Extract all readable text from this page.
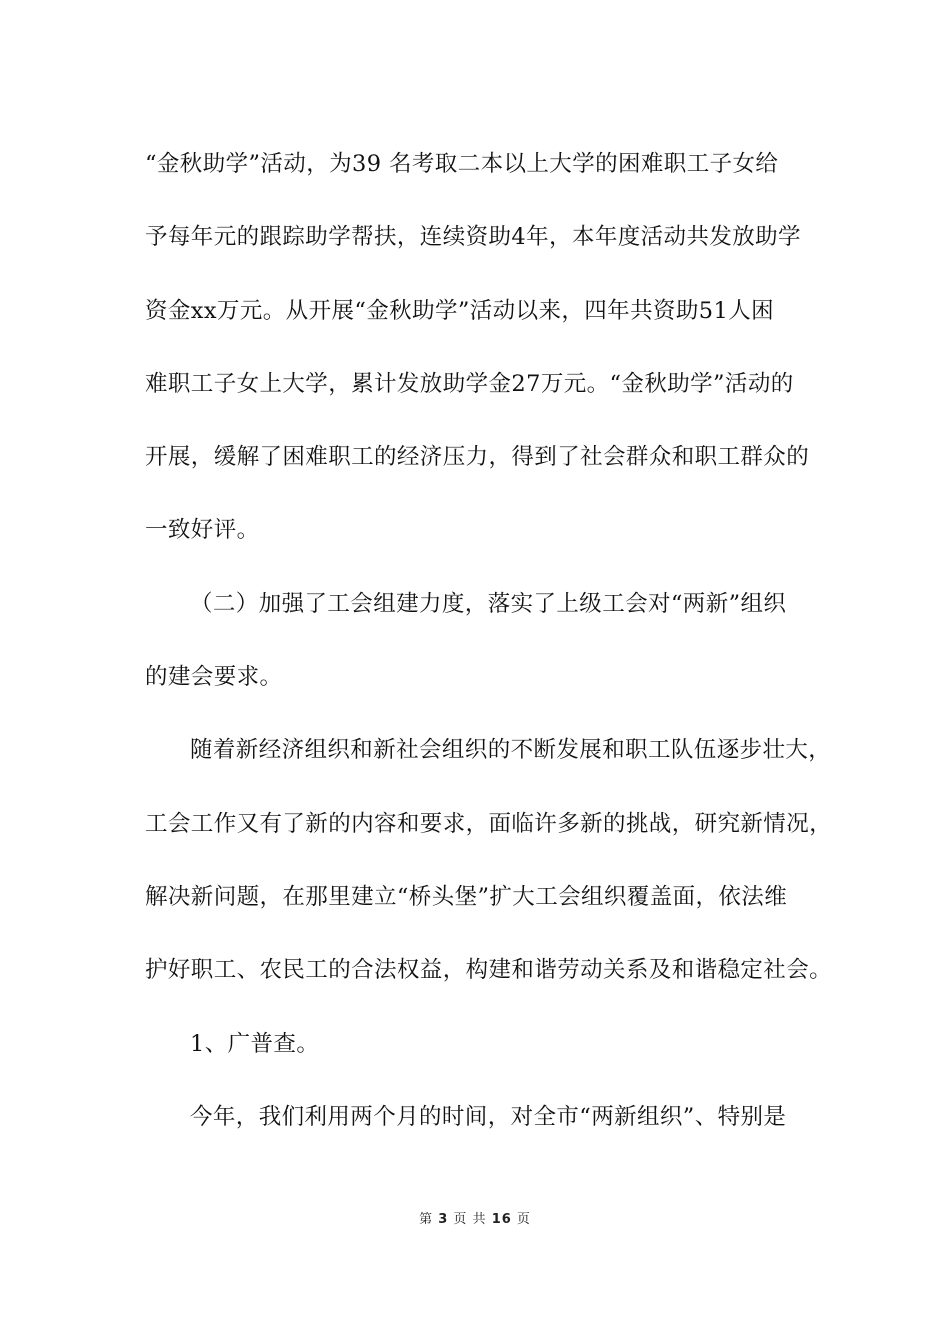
“金秋助学”活动，为39 名考取二本以上大学的困难职工子女给
予每年元的跟踪助学帮扶，连续资助4年，本年度活动共发放助学
资金xx万元。从开展“金秋助学”活动以来，四年共资助51人困
难职工子女上大学，累计发放助学金27万元。“金秋助学”活动的
开展，缓解了困难职工的经济压力，得到了社会群众和职工群众的
一致好评。
（二）加强了工会组建力度，落实了上级工会对“两新”组织
的建会要求。
随着新经济组织和新社会组织的不断发展和职工队伍逐步壮大，
工会工作又有了新的内容和要求，面临许多新的挑战，研究新情况，
解决新问题，在那里建立“桥头堡”扩大工会组织覆盖面，依法维
护好职工、农民工的合法权益，构建和谐劳动关系及和谐稳定社会。
1、广普查。
今年，我们利用两个月的时间，对全市“两新组织”、特别是
第 3 页 共 16 页
